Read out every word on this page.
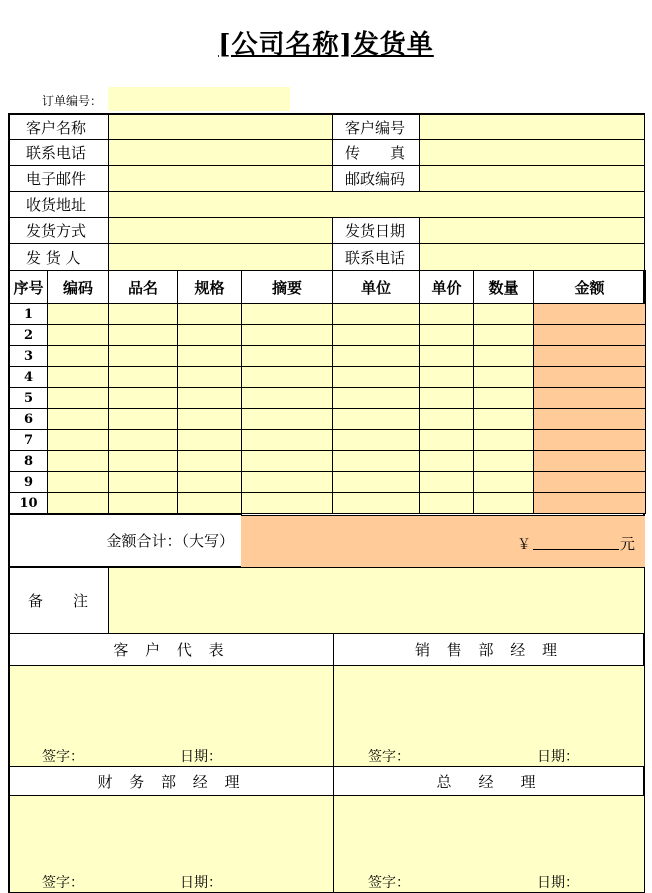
[公司名称]发货单
订单编号：
客户名称	客户编号
联系电话	传　　真
电子邮件	邮政编码
收货地址
发货方式	发货日期
发 货 人	联系电话
序号	编码	品名	规格	摘要	单位	单价	数量	金额
1
2
3
4
5
6
7
8
9
10
金额合计：（大写）	￥	元
备　　注
客 户 代 表	销 售 部 经 理
签字：	日期：	签字：	日期：
财 务 部 经 理	总　经　理
签字：	日期：	签字：	日期：
